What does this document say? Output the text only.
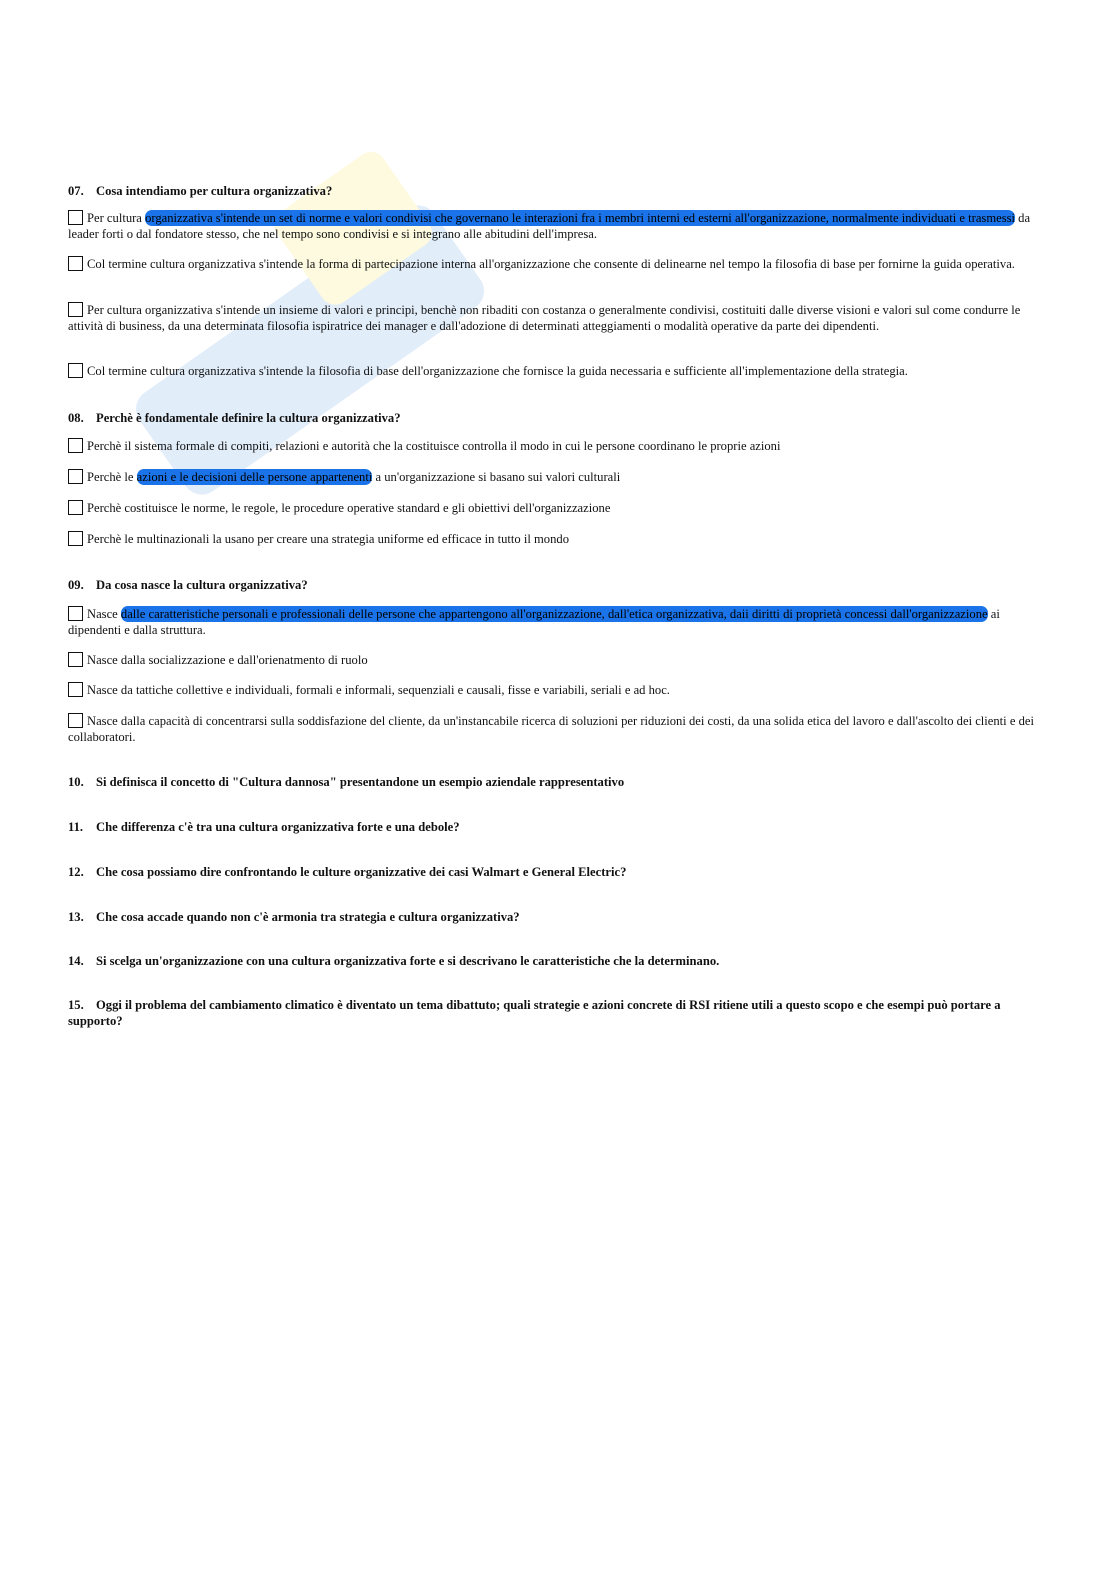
07. Cosa intendiamo per cultura organizzativa?
Per cultura organizzativa s'intende un set di norme e valori condivisi che governano le interazioni fra i membri interni ed esterni all'organizzazione, normalmente individuati e trasmessi da leader forti o dal fondatore stesso, che nel tempo sono condivisi e si integrano alle abitudini dell'impresa.
Col termine cultura organizzativa s'intende la forma di partecipazione interna all'organizzazione che consente di delinearne nel tempo la filosofia di base per fornirne la guida operativa.
Per cultura organizzativa s'intende un insieme di valori e principi, benchè non ribaditi con costanza o generalmente condivisi, costituiti dalle diverse visioni e valori sul come condurre le attività di business, da una determinata filosofia ispiratrice dei manager e dall'adozione di determinati atteggiamenti o modalità operative da parte dei dipendenti.
Col termine cultura organizzativa s'intende la filosofia di base dell'organizzazione che fornisce la guida necessaria e sufficiente all'implementazione della strategia.
08. Perchè è fondamentale definire la cultura organizzativa?
Perchè il sistema formale di compiti, relazioni e autorità che la costituisce controlla il modo in cui le persone coordinano le proprie azioni
Perchè le azioni e le decisioni delle persone appartenenti a un'organizzazione si basano sui valori culturali
Perchè costituisce le norme, le regole, le procedure operative standard e gli obiettivi dell'organizzazione
Perchè le multinazionali la usano per creare una strategia uniforme ed efficace in tutto il mondo
09. Da cosa nasce la cultura organizzativa?
Nasce dalle caratteristiche personali e professionali delle persone che appartengono all'organizzazione, dall'etica organizzativa, daii diritti di proprietà concessi dall'organizzazione ai dipendenti e dalla struttura.
Nasce dalla socializzazione e dall'orienatmento di ruolo
Nasce da tattiche collettive e individuali, formali e informali, sequenziali e causali, fisse e variabili, seriali e ad hoc.
Nasce dalla capacità di concentrarsi sulla soddisfazione del cliente, da un'instancabile ricerca di soluzioni per riduzioni dei costi, da una solida etica del lavoro e dall'ascolto dei clienti e dei collaboratori.
10. Si definisca il concetto di "Cultura dannosa" presentandone un esempio aziendale rappresentativo
11. Che differenza c'è tra una cultura organizzativa forte e una debole?
12. Che cosa possiamo dire confrontando le culture organizzative dei casi Walmart e General Electric?
13. Che cosa accade quando non c'è armonia tra strategia e cultura organizzativa?
14. Si scelga un'organizzazione con una cultura organizzativa forte e si descrivano le caratteristiche che la determinano.
15. Oggi il problema del cambiamento climatico è diventato un tema dibattuto; quali strategie e azioni concrete di RSI ritiene utili a questo scopo e che esempi può portare a supporto?
